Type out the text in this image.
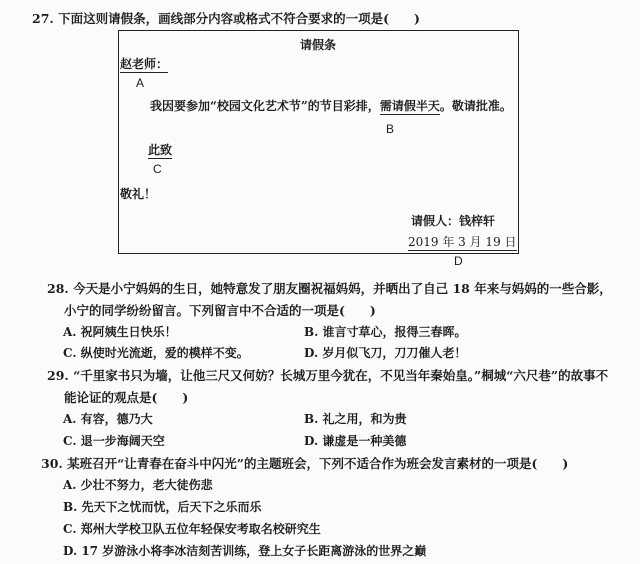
27. 下面这则请假条，画线部分内容或格式不符合要求的一项是(　　)
请假条
赵老师：
A
我因要参加“校园文化艺术节”的节目彩排，需请假半天。敬请批准。
B
此致
C
敬礼！
请假人：钱梓轩
2019 年 3 月 19 日
D
28. 今天是小宁妈妈的生日，她特意发了朋友圈祝福妈妈，并晒出了自己 18 年来与妈妈的一些合影，
小宁的同学纷纷留言。下列留言中不合适的一项是(　　)
A. 祝阿姨生日快乐！	B. 谁言寸草心，报得三春晖。
C. 纵使时光流逝，爱的模样不变。	D. 岁月似飞刀，刀刀催人老！
29. “千里家书只为墙，让他三尺又何妨？长城万里今犹在，不见当年秦始皇。”桐城“六尺巷”的故事不
能论证的观点是(　　)
A. 有容，德乃大	B. 礼之用，和为贵
C. 退一步海阔天空	D. 谦虚是一种美德
30. 某班召开“让青春在奋斗中闪光”的主题班会，下列不适合作为班会发言素材的一项是(　　)
A. 少壮不努力，老大徒伤悲
B. 先天下之忧而忧，后天下之乐而乐
C. 郑州大学校卫队五位年轻保安考取名校研究生
D. 17 岁游泳小将李冰洁刻苦训练，登上女子长距离游泳的世界之巅
